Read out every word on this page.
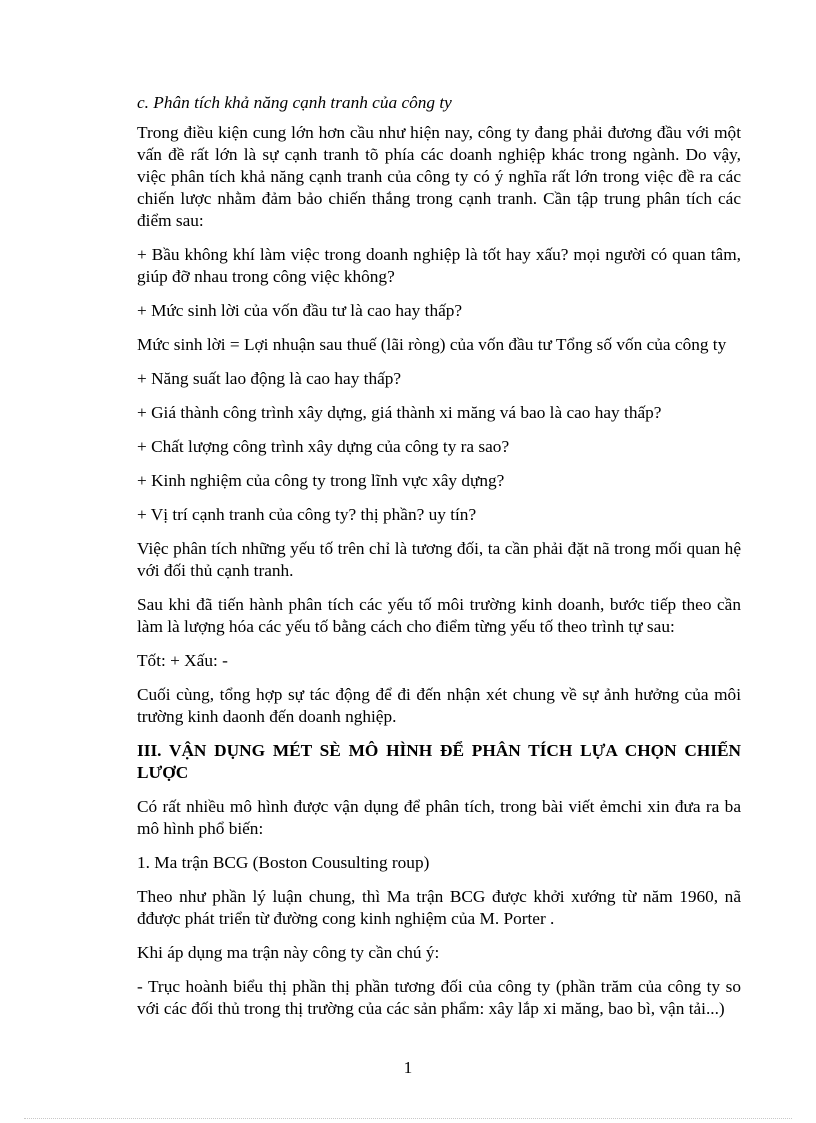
c. Phân tích khả năng cạnh tranh của công ty

Trong điều kiện cung lớn hơn cầu như hiện nay, công ty đang phải đương đầu với một vấn đề rất lớn là sự cạnh tranh tõ phía các doanh nghiệp khác trong ngành. Do vậy, việc phân tích khả năng cạnh tranh của công ty có ý nghĩa rất lớn trong việc đề ra các chiến lược nhằm đảm bảo chiến thắng trong cạnh tranh. Cần tập trung phân tích các điểm sau:

+ Bầu không khí làm việc trong doanh nghiệp là tốt hay xấu? mọi người có quan tâm, giúp đỡ nhau trong công việc không?

+ Mức sinh lời của vốn đầu tư là cao hay thấp?

Mức sinh lời = Lợi nhuận sau thuế (lãi ròng) của vốn đầu tư Tổng số vốn của công ty

+ Năng suất lao động là cao hay thấp?

+ Giá thành công trình xây dựng, giá thành xi măng vá bao là cao hay thấp?

+ Chất lượng công trình xây dựng của công ty ra sao?

+ Kinh nghiệm của công ty trong lĩnh vực xây dựng?

+ Vị trí cạnh tranh của công ty? thị phần? uy tín?

Việc phân tích những yếu tố trên chỉ là tương đối, ta cần phải đặt nã trong mối quan hệ với đối thủ cạnh tranh.

Sau khi đã tiến hành phân tích các yếu tố môi trường kinh doanh, bước tiếp theo cần làm là lượng hóa các yếu tố bằng cách cho điểm từng yếu tố theo trình tự sau:

Tốt: + Xấu: -

Cuối cùng, tổng hợp sự tác động để đi đến nhận xét chung về sự ảnh hưởng của môi trường kinh daonh đến doanh nghiệp.

III. VẬN DỤNG MÉT SÈ MÔ HÌNH ĐỂ PHÂN TÍCH LỰA CHỌN CHIẾN LƯỢC

Có rất nhiều mô hình được vận dụng để phân tích, trong bài viết ẻmchi xin đưa ra ba mô hình phổ biến:

1. Ma trận BCG (Boston Cousulting roup)

Theo như phần lý luận chung, thì Ma trận BCG được khởi xướng từ năm 1960, nã đđược phát triển từ đường cong kinh nghiệm của M. Porter .

Khi áp dụng ma trận này công ty cần chú ý:

- Trục hoành biểu thị phần thị phần tương đối của công ty (phần trăm của công ty so với các đối thủ trong thị trường của các sản phẩm: xây lắp xi măng, bao bì, vận tải...)

1
